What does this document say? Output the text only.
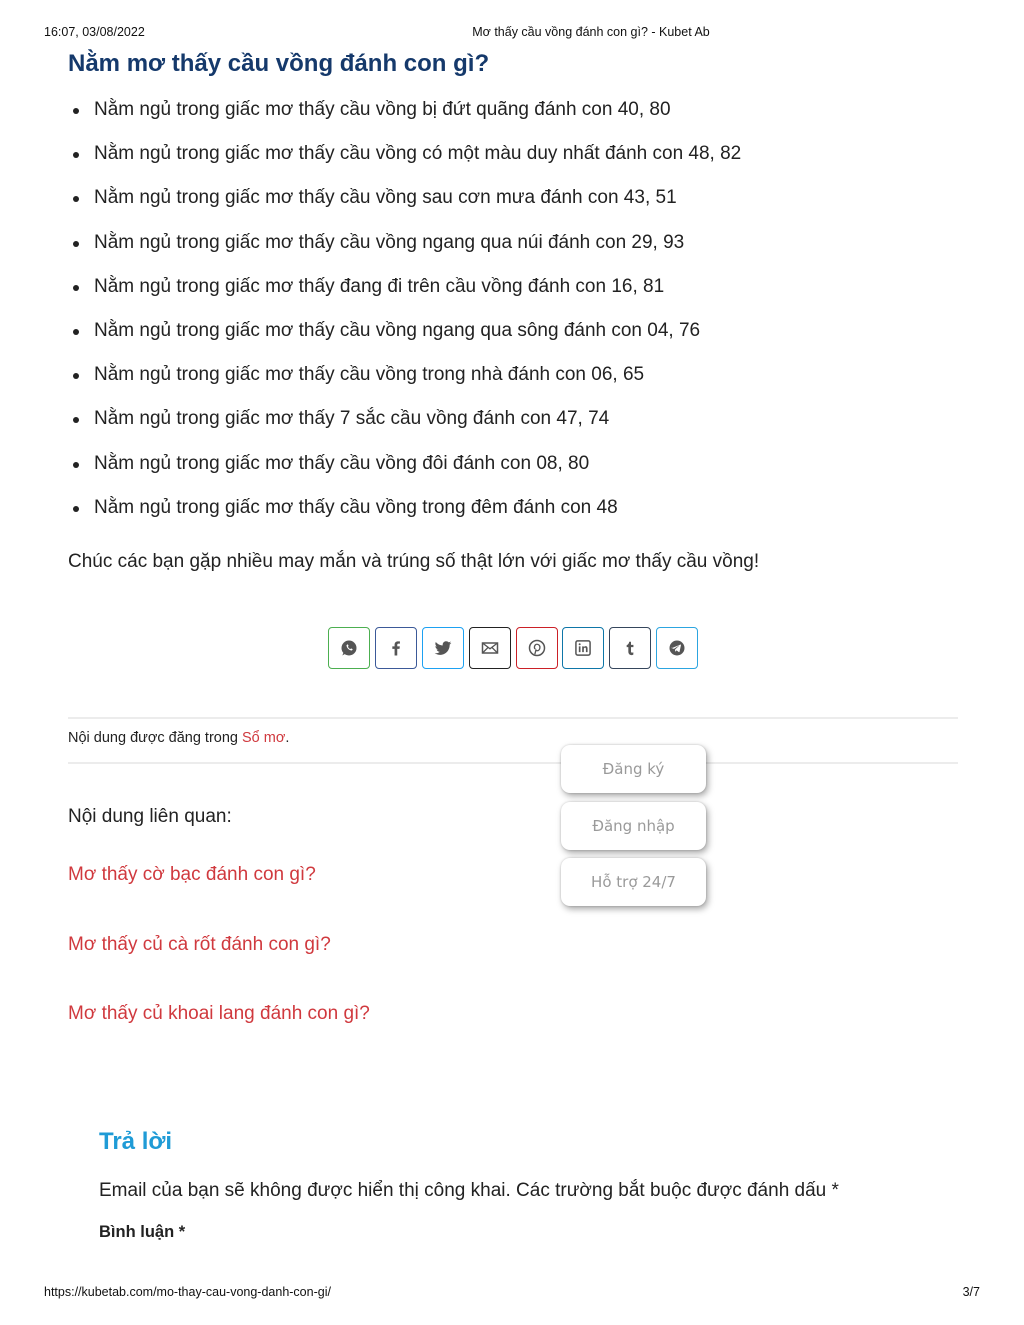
16:07, 03/08/2022	Mơ thấy cầu vồng đánh con gì? - Kubet Ab
Nằm mơ thấy cầu vồng đánh con gì?
Nằm ngủ trong giấc mơ thấy cầu vồng bị đứt quãng đánh con 40, 80
Nằm ngủ trong giấc mơ thấy cầu vồng có một màu duy nhất đánh con 48, 82
Nằm ngủ trong giấc mơ thấy cầu vồng sau cơn mưa đánh con 43, 51
Nằm ngủ trong giấc mơ thấy cầu vồng ngang qua núi đánh con 29, 93
Nằm ngủ trong giấc mơ thấy đang đi trên cầu vồng đánh con 16, 81
Nằm ngủ trong giấc mơ thấy cầu vồng ngang qua sông đánh con 04, 76
Nằm ngủ trong giấc mơ thấy cầu vồng trong nhà đánh con 06, 65
Nằm ngủ trong giấc mơ thấy 7 sắc cầu vồng đánh con 47, 74
Nằm ngủ trong giấc mơ thấy cầu vồng đôi đánh con 08, 80
Nằm ngủ trong giấc mơ thấy cầu vồng trong đêm đánh con 48

Chúc các bạn gặp nhiều may mắn và trúng số thật lớn với giấc mơ thấy cầu vồng!

Nội dung được đăng trong Sổ mơ.
Nội dung liên quan:
Mơ thấy cờ bạc đánh con gì?
Mơ thấy củ cà rốt đánh con gì?
Mơ thấy củ khoai lang đánh con gì?
Đăng ký
Đăng nhập
Hỗ trợ 24/7
Trả lời
Email của bạn sẽ không được hiển thị công khai. Các trường bắt buộc được đánh dấu *
Bình luận *
https://kubetab.com/mo-thay-cau-vong-danh-con-gi/	3/7
